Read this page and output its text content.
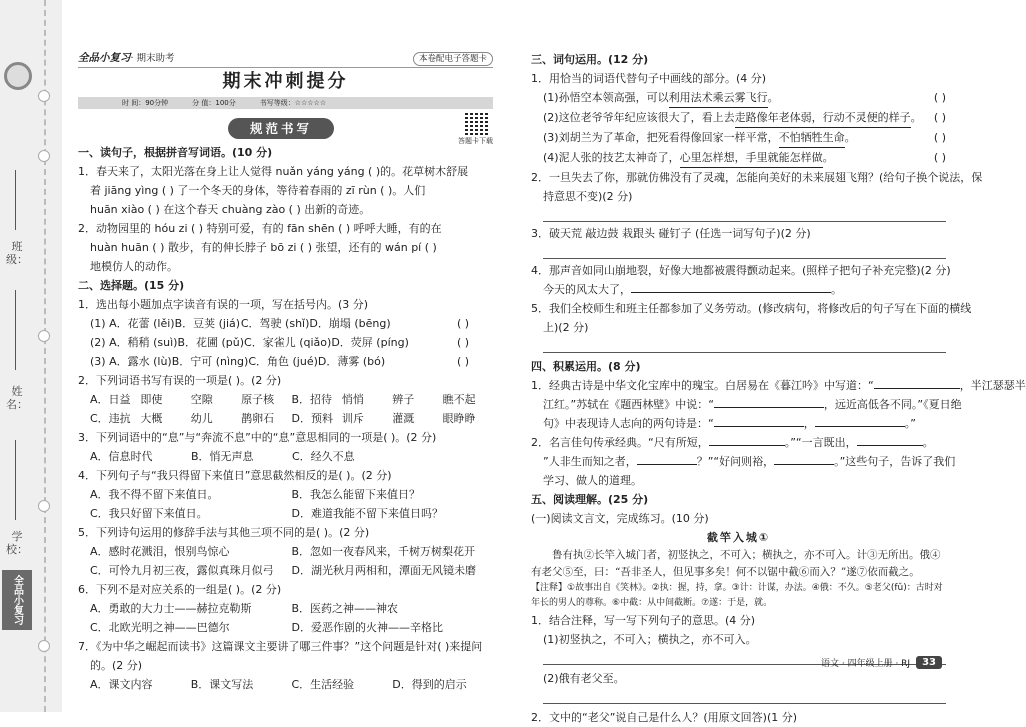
班级：
姓名：
学校：
全品小复习
全品小复习· 期末助考	本卷配电子答题卡
期末冲刺提分
时 间：90分钟	分 值：100分	书写等级：☆☆☆☆☆
规范书写
答题卡下载
一、读句子，根据拼音写词语。(10 分)
1．春天来了，太阳光落在身上让人觉得 nuǎn yáng yáng ( )的。花草树木舒展
着 jiāng yìng ( ) 了一个冬天的身体，等待着春雨的 zī rùn ( )。人们
huān xiào ( ) 在这个春天 chuàng zào ( ) 出新的奇迹。
2．动物园里的 hóu zi ( ) 特别可爱，有的 fān shēn ( ) 呼呼大睡，有的在
huàn huān ( ) 散步，有的伸长脖子 bō zi ( ) 张望，还有的 wán pí ( )
地模仿人的动作。
二、选择题。(15 分)
1．选出每小题加点字读音有误的一项，写在括号内。(3 分)
(1) A．花蕾 (lěi) B．豆荚 (jiá) C．驾驶 (shǐ) D．崩塌 (bēng)	( )
(2) A．稍稍 (suì) B．花圃 (pǔ) C．家雀儿 (qiǎo) D．荧屏 (píng)	( )
(3) A．露水 (lù) B．宁可 (nìng) C．角色 (jué) D．薄雾 (bó)	( )
2．下列词语书写有误的一项是( )。(2 分)
A．日益 即使	空隙	原子核	B．招待 悄悄	辨子	瞧不起
C．违抗 大概	幼儿	鹊卵石	D．预料 训斥	灌溉	眼睁睁
3．下列词语中的“息”与“奔流不息”中的“息”意思相同的一项是( )。(2 分)
A．信息时代	B．悄无声息	C．经久不息
4．下列句子与“我只得留下来值日”意思截然相反的是( )。(2 分)
A．我不得不留下来值日。	B．我怎么能留下来值日？
C．我只好留下来值日。	D．难道我能不留下来值日吗？
5．下列诗句运用的修辞手法与其他三项不同的是( )。(2 分)
A．感时花溅泪，恨别鸟惊心	B．忽如一夜春风来，千树万树梨花开
C．可怜九月初三夜，露似真珠月似弓	D．湖光秋月两相和，潭面无风镜未磨
6．下列不是对应关系的一组是( )。(2 分)
A．勇敢的大力士——赫拉克勒斯	B．医药之神——神农
C．北欧光明之神——巴德尔	D．爱恶作剧的火神——辛格比
7．《为中华之崛起而读书》这篇课文主要讲了哪三件事？”这个问题是针对( )来提问
的。(2 分)
A．课文内容	B．课文写法	C．生活经验	D．得到的启示
三、词句运用。(12 分)
1．用恰当的词语代替句子中画线的部分。(4 分)
(1)孙悟空本领高强，可以利用法术乘云雾飞行。	( )
(2)这位老爷爷年纪应该很大了，看上去走路像年老体弱，行动不灵便的样子。 ( )
(3)刘胡兰为了革命，把死看得像回家一样平常，不怕牺牲生命。	( )
(4)泥人张的技艺太神奇了，心里怎样想，手里就能怎样做。	( )
2．一旦失去了你，那就仿佛没有了灵魂，怎能向美好的未来展翅飞翔？(给句子换个说法，保
持意思不变)(2 分)
3．破天荒 敲边鼓 栽跟头 碰钉子 (任选一词写句子)(2 分)
4．那声音如同山崩地裂，好像大地都被震得颤动起来。(照样子把句子补充完整)(2 分)
今天的风太大了，	。
5．我们全校师生和班主任都参加了义务劳动。(修改病句，将修改后的句子写在下面的横线
上)(2 分)
四、积累运用。(8 分)
1．经典古诗是中华文化宝库中的瑰宝。白居易在《暮江吟》中写道：“	，半江瑟瑟半
江红。”苏轼在《题西林壁》中说：“	，远近高低各不同。”《夏日绝
句》中表现诗人志向的两句诗是：“	，	。”
2．名言佳句传承经典。“尺有所短，	。”“一言既出，	。
”人非生而知之者，	？”“好问则裕，	。”这些句子，告诉了我们
学习、做人的道理。
五、阅读理解。(25 分)
(一)阅读文言文，完成练习。(10 分)
截竿入城①
鲁有执②长竿入城门者，初竖执之，不可入；横执之，亦不可入。计③无所出。俄④有老父⑤至，曰：“吾非圣人，但见事多矣！何不以锯中截⑥而入？”遂⑦依而截之。
【注释】①故事出自《笑林》。②执：握，持，拿。③计：计谋，办法。④俄：不久。⑤老父(fǔ)：古时对年长的男人的尊称。⑥中截：从中间截断。⑦遂：于是，就。
1．结合注释，写一写下列句子的意思。(4 分)
(1)初竖执之，不可入；横执之，亦不可入。
(2)俄有老父至。
2．文中的“老父”说自己是什么人？(用原文回答)(1 分)
语文 · 四年级上册 · RJ	33
